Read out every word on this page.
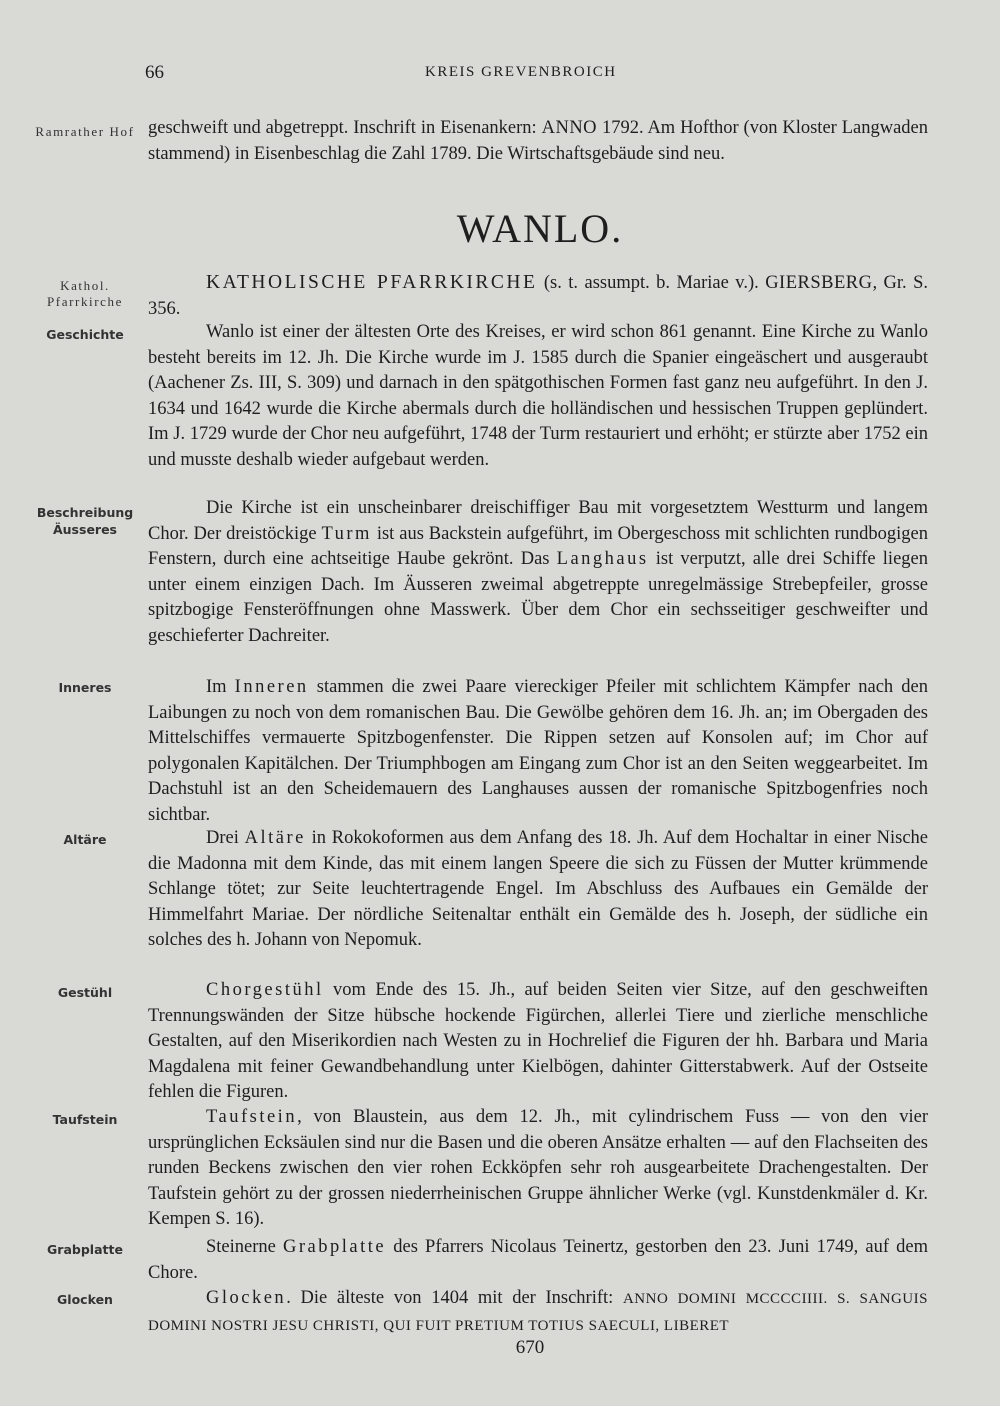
66	KREIS GREVENBROICH
Ramrather Hof
Kathol. Pfarrkirche
Geschichte
Beschreibung
Äusseres
Inneres
Altäre
Gestühl
Taufstein
Grabplatte
Glocken
geschweift und abgetreppt. Inschrift in Eisenankern: ANNO 1792. Am Hofthor (von Kloster Langwaden stammend) in Eisenbeschlag die Zahl 1789. Die Wirtschaftsgebäude sind neu.
WANLO.
KATHOLISCHE PFARRKIRCHE (s. t. assumpt. b. Mariae v.). GIERSBERG, Gr. S. 356.
Wanlo ist einer der ältesten Orte des Kreises, er wird schon 861 genannt. Eine Kirche zu Wanlo besteht bereits im 12. Jh. Die Kirche wurde im J. 1585 durch die Spanier eingeäschert und ausgeraubt (Aachener Zs. III, S. 309) und darnach in den spätgothischen Formen fast ganz neu aufgeführt. In den J. 1634 und 1642 wurde die Kirche abermals durch die holländischen und hessischen Truppen geplündert. Im J. 1729 wurde der Chor neu aufgeführt, 1748 der Turm restauriert und erhöht; er stürzte aber 1752 ein und musste deshalb wieder aufgebaut werden.
Die Kirche ist ein unscheinbarer dreischiffiger Bau mit vorgesetztem Westturm und langem Chor. Der dreistöckige Turm ist aus Backstein aufgeführt, im Obergeschoss mit schlichten rundbogigen Fenstern, durch eine achtseitige Haube gekrönt. Das Langhaus ist verputzt, alle drei Schiffe liegen unter einem einzigen Dach. Im Äusseren zweimal abgetreppte unregelmässige Strebepfeiler, grosse spitzbogige Fensteröffnungen ohne Masswerk. Über dem Chor ein sechsseitiger geschweifter und geschieferter Dachreiter.
Im Inneren stammen die zwei Paare viereckiger Pfeiler mit schlichtem Kämpfer nach den Laibungen zu noch von dem romanischen Bau. Die Gewölbe gehören dem 16. Jh. an; im Obergaden des Mittelschiffes vermauerte Spitzbogenfenster. Die Rippen setzen auf Konsolen auf; im Chor auf polygonalen Kapitälchen. Der Triumphbogen am Eingang zum Chor ist an den Seiten weggearbeitet. Im Dachstuhl ist an den Scheidemauern des Langhauses aussen der romanische Spitzbogenfries noch sichtbar.
Drei Altäre in Rokokoformen aus dem Anfang des 18. Jh. Auf dem Hochaltar in einer Nische die Madonna mit dem Kinde, das mit einem langen Speere die sich zu Füssen der Mutter krümmende Schlange tötet; zur Seite leuchtertragende Engel. Im Abschluss des Aufbaues ein Gemälde der Himmelfahrt Mariae. Der nördliche Seitenaltar enthält ein Gemälde des h. Joseph, der südliche ein solches des h. Johann von Nepomuk.
Chorgestühl vom Ende des 15. Jh., auf beiden Seiten vier Sitze, auf den geschweiften Trennungswänden der Sitze hübsche hockende Figürchen, allerlei Tiere und zierliche menschliche Gestalten, auf den Miserikordien nach Westen zu in Hochrelief die Figuren der hh. Barbara und Maria Magdalena mit feiner Gewandbehandlung unter Kielbögen, dahinter Gitterstabwerk. Auf der Ostseite fehlen die Figuren.
Taufstein, von Blaustein, aus dem 12. Jh., mit cylindrischem Fuss — von den vier ursprünglichen Ecksäulen sind nur die Basen und die oberen Ansätze erhalten — auf den Flachseiten des runden Beckens zwischen den vier rohen Eckköpfen sehr roh ausgearbeitete Drachengestalten. Der Taufstein gehört zu der grossen niederrheinischen Gruppe ähnlicher Werke (vgl. Kunstdenkmäler d. Kr. Kempen S. 16).
Steinerne Grabplatte des Pfarrers Nicolaus Teinertz, gestorben den 23. Juni 1749, auf dem Chore.
Glocken. Die älteste von 1404 mit der Inschrift: ANNO DOMINI MCCCCIIII. S. SANGUIS DOMINI NOSTRI JESU CHRISTI, QUI FUIT PRETIUM TOTIUS SAECULI, LIBERET
670
